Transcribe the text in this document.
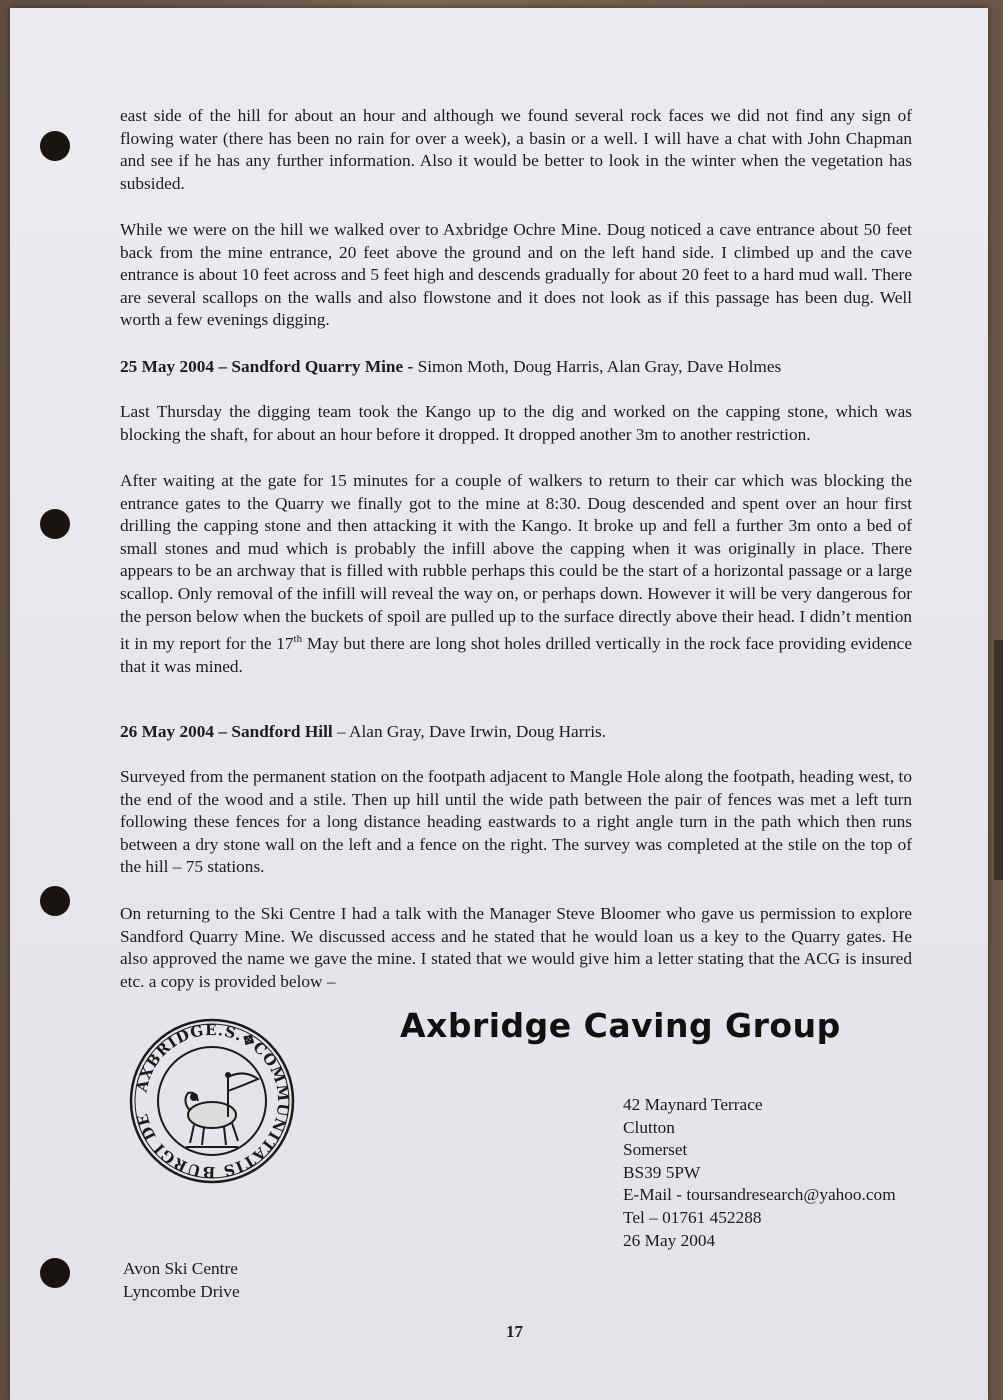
east side of the hill for about an hour and although we found several rock faces we did not find any sign of flowing water (there has been no rain for over a week), a basin or a well. I will have a chat with John Chapman and see if he has any further information. Also it would be better to look in the winter when the vegetation has subsided.

While we were on the hill we walked over to Axbridge Ochre Mine. Doug noticed a cave entrance about 50 feet back from the mine entrance, 20 feet above the ground and on the left hand side. I climbed up and the cave entrance is about 10 feet across and 5 feet high and descends gradually for about 20 feet to a hard mud wall. There are several scallops on the walls and also flowstone and it does not look as if this passage has been dug. Well worth a few evenings digging.

25 May 2004 – Sandford Quarry Mine - Simon Moth, Doug Harris, Alan Gray, Dave Holmes

Last Thursday the digging team took the Kango up to the dig and worked on the capping stone, which was blocking the shaft, for about an hour before it dropped. It dropped another 3m to another restriction.

After waiting at the gate for 15 minutes for a couple of walkers to return to their car which was blocking the entrance gates to the Quarry we finally got to the mine at 8:30. Doug descended and spent over an hour first drilling the capping stone and then attacking it with the Kango. It broke up and fell a further 3m onto a bed of small stones and mud which is probably the infill above the capping when it was originally in place. There appears to be an archway that is filled with rubble perhaps this could be the start of a horizontal passage or a large scallop. Only removal of the infill will reveal the way on, or perhaps down. However it will be very dangerous for the person below when the buckets of spoil are pulled up to the surface directly above their head. I didn’t mention it in my report for the 17th May but there are long shot holes drilled vertically in the rock face providing evidence that it was mined.

26 May 2004 – Sandford Hill – Alan Gray, Dave Irwin, Doug Harris.

Surveyed from the permanent station on the footpath adjacent to Mangle Hole along the footpath, heading west, to the end of the wood and a stile. Then up hill until the wide path between the pair of fences was met a left turn following these fences for a long distance heading eastwards to a right angle turn in the path which then runs between a dry stone wall on the left and a fence on the right. The survey was completed at the stile on the top of the hill – 75 stations.

On returning to the Ski Centre I had a talk with the Manager Steve Bloomer who gave us permission to explore Sandford Quarry Mine. We discussed access and he stated that he would loan us a key to the Quarry gates. He also approved the name we gave the mine. I stated that we would give him a letter stating that the ACG is insured etc. a copy is provided below –

Axbridge Caving Group
AXBRIDGE.S.✥COMMUNITATIS BURGI DE
42 Maynard Terrace
Clutton
Somerset
BS39 5PW
E-Mail - toursandresearch@yahoo.com
Tel – 01761 452288
26 May 2004
Avon Ski Centre
Lyncombe Drive
17
